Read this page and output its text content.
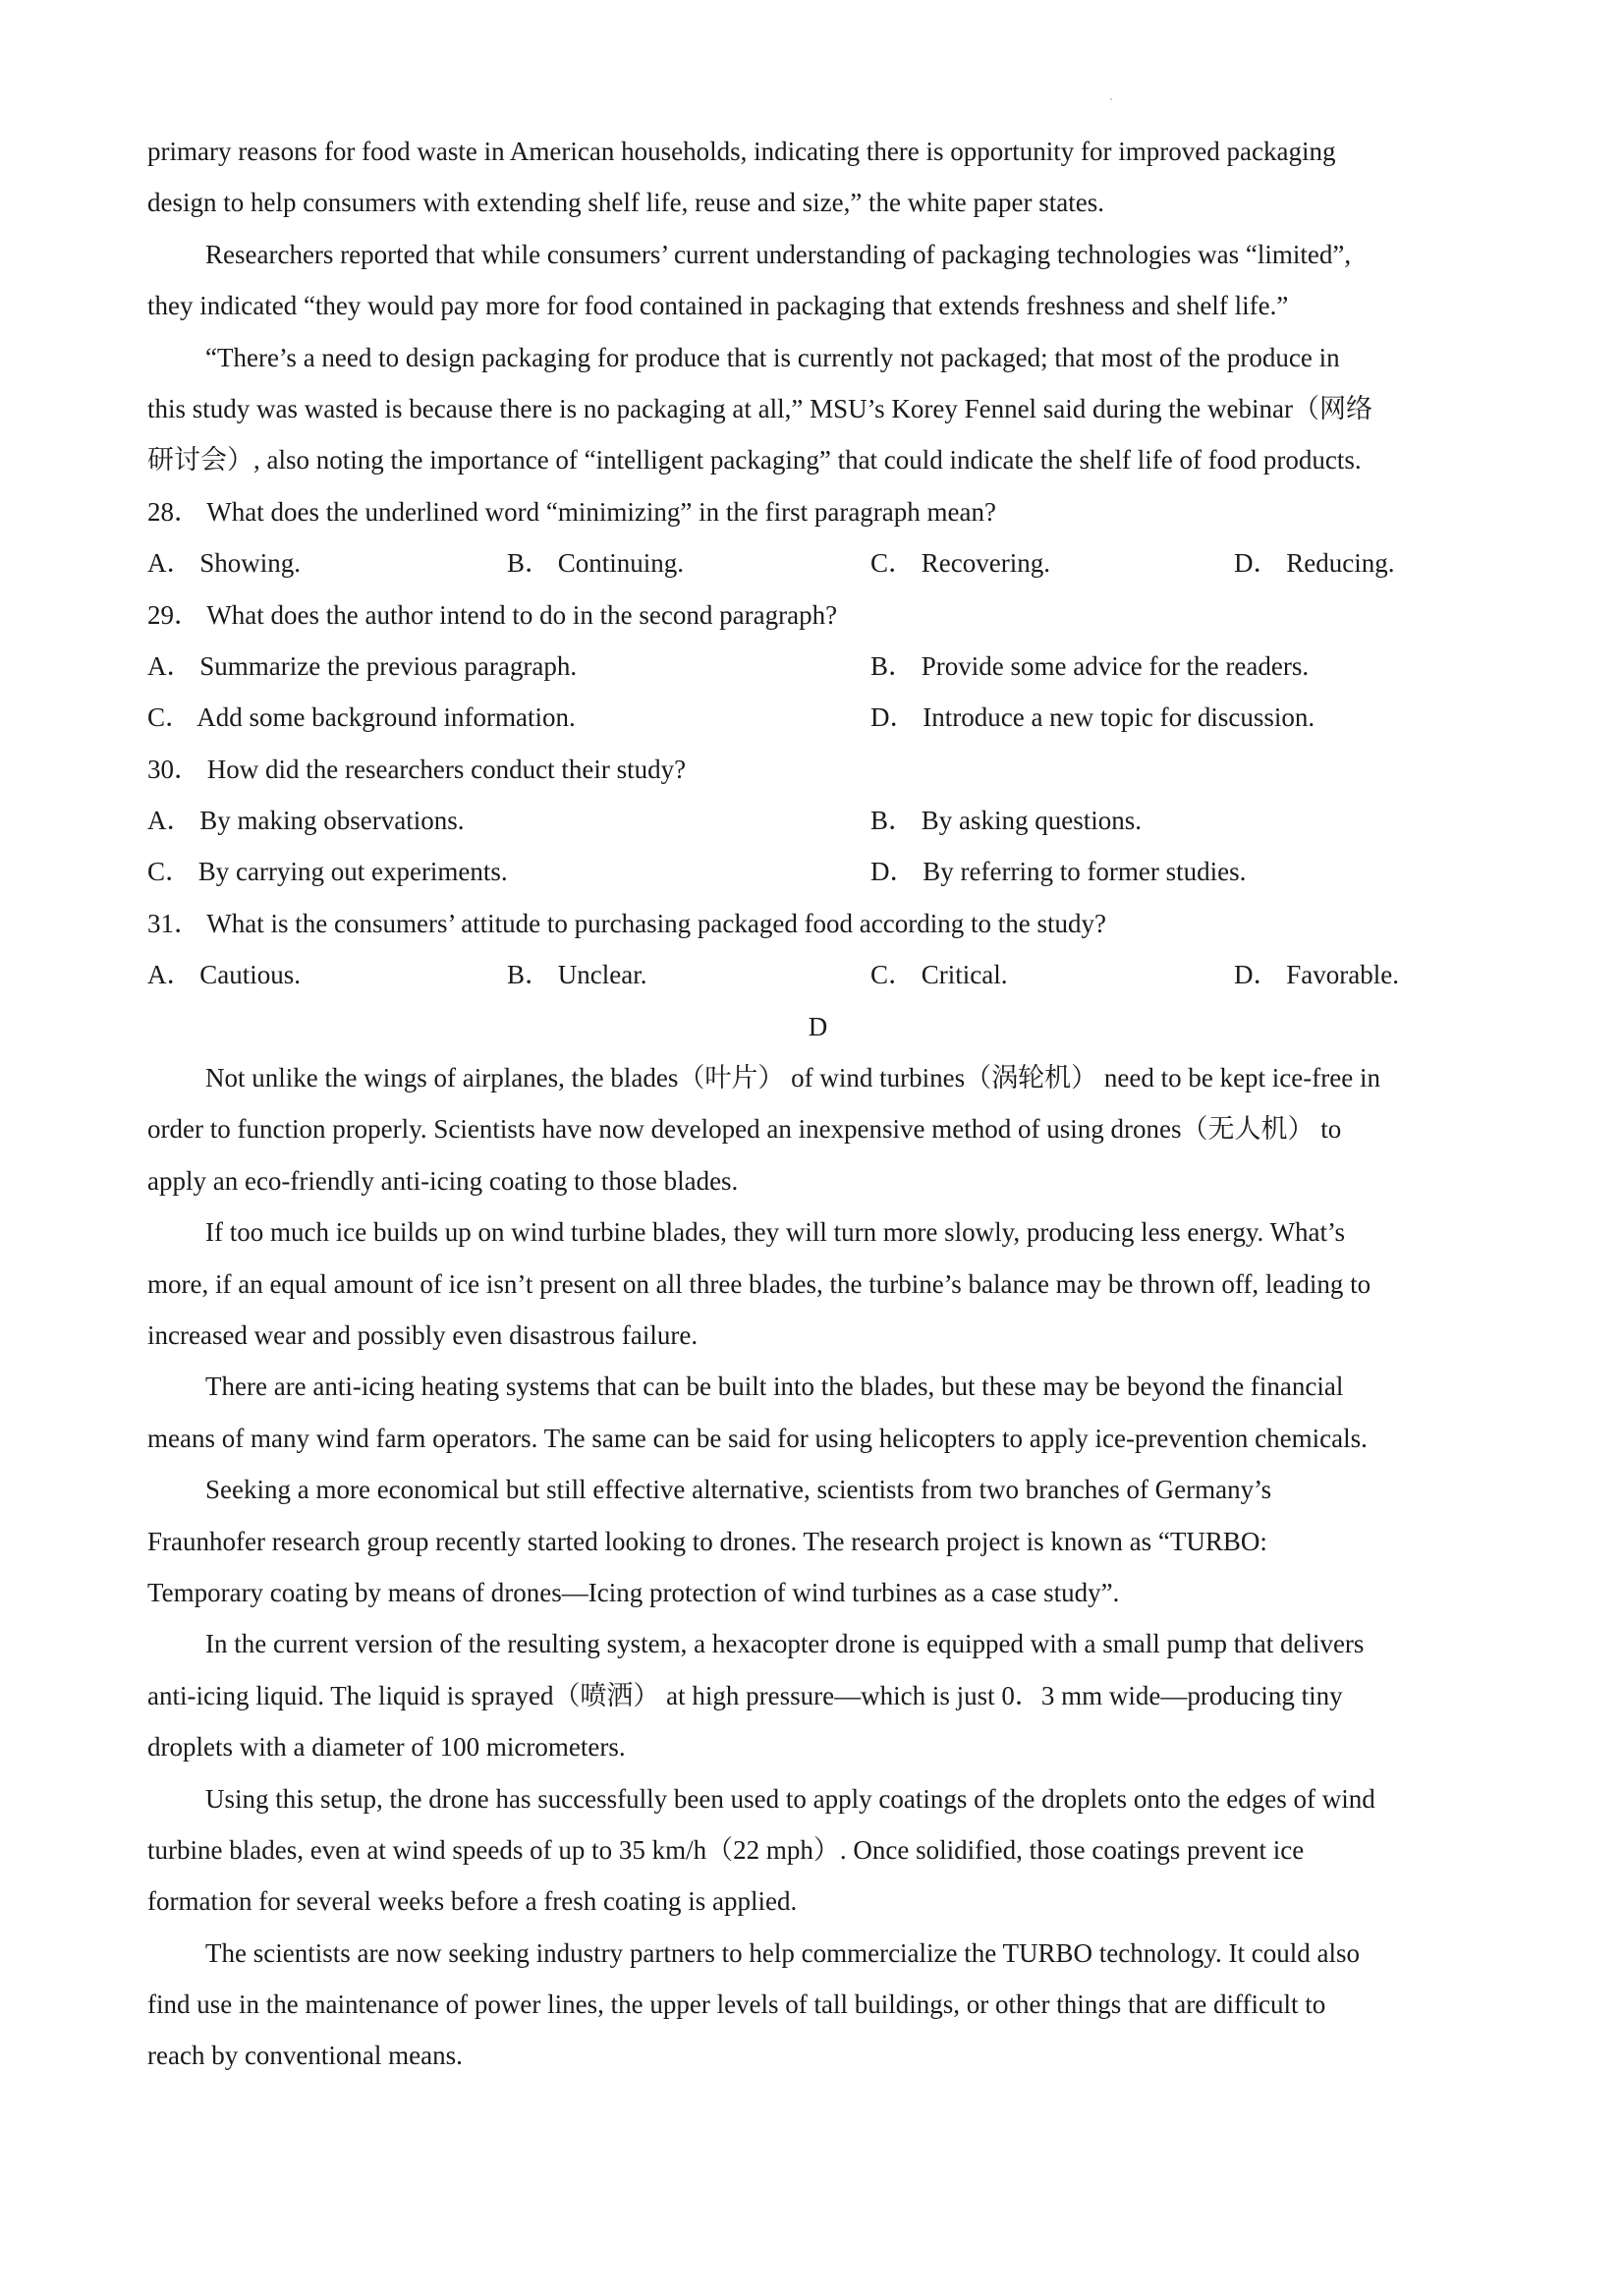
primary reasons for food waste in American households, indicating there is opportunity for improved packaging
design to help consumers with extending shelf life, reuse and size,” the white paper states.
Researchers reported that while consumers’ current understanding of packaging technologies was “limited”,
they indicated “they would pay more for food contained in packaging that extends freshness and shelf life.”
“There’s a need to design packaging for produce that is currently not packaged; that most of the produce in
this study was wasted is because there is no packaging at all,” MSU’s Korey Fennel said during the webinar（网络
研讨会）, also noting the importance of “intelligent packaging” that could indicate the shelf life of food products.
28． What does the underlined word “minimizing” in the first paragraph mean?
A． Showing.	B． Continuing.	C． Recovering.	D． Reducing.
29． What does the author intend to do in the second paragraph?
A． Summarize the previous paragraph.	B． Provide some advice for the readers.
C． Add some background information.	D． Introduce a new topic for discussion.
30． How did the researchers conduct their study?
A． By making observations.	B． By asking questions.
C． By carrying out experiments.	D． By referring to former studies.
31． What is the consumers’ attitude to purchasing packaged food according to the study?
A． Cautious.	B． Unclear.	C． Critical.	D． Favorable.
D
Not unlike the wings of airplanes, the blades（叶片） of wind turbines（涡轮机） need to be kept ice-free in
order to function properly. Scientists have now developed an inexpensive method of using drones（无人机） to
apply an eco-friendly anti-icing coating to those blades.
If too much ice builds up on wind turbine blades, they will turn more slowly, producing less energy. What’s
more, if an equal amount of ice isn’t present on all three blades, the turbine’s balance may be thrown off, leading to
increased wear and possibly even disastrous failure.
There are anti-icing heating systems that can be built into the blades, but these may be beyond the financial
means of many wind farm operators. The same can be said for using helicopters to apply ice-prevention chemicals.
Seeking a more economical but still effective alternative, scientists from two branches of Germany’s
Fraunhofer research group recently started looking to drones. The research project is known as “TURBO:
Temporary coating by means of drones—Icing protection of wind turbines as a case study”.
In the current version of the resulting system, a hexacopter drone is equipped with a small pump that delivers
anti-icing liquid. The liquid is sprayed（喷洒） at high pressure—which is just 0．3 mm wide—producing tiny
droplets with a diameter of 100 micrometers.
Using this setup, the drone has successfully been used to apply coatings of the droplets onto the edges of wind
turbine blades, even at wind speeds of up to 35 km/h（22 mph）. Once solidified, those coatings prevent ice
formation for several weeks before a fresh coating is applied.
The scientists are now seeking industry partners to help commercialize the TURBO technology. It could also
find use in the maintenance of power lines, the upper levels of tall buildings, or other things that are difficult to
reach by conventional means.
